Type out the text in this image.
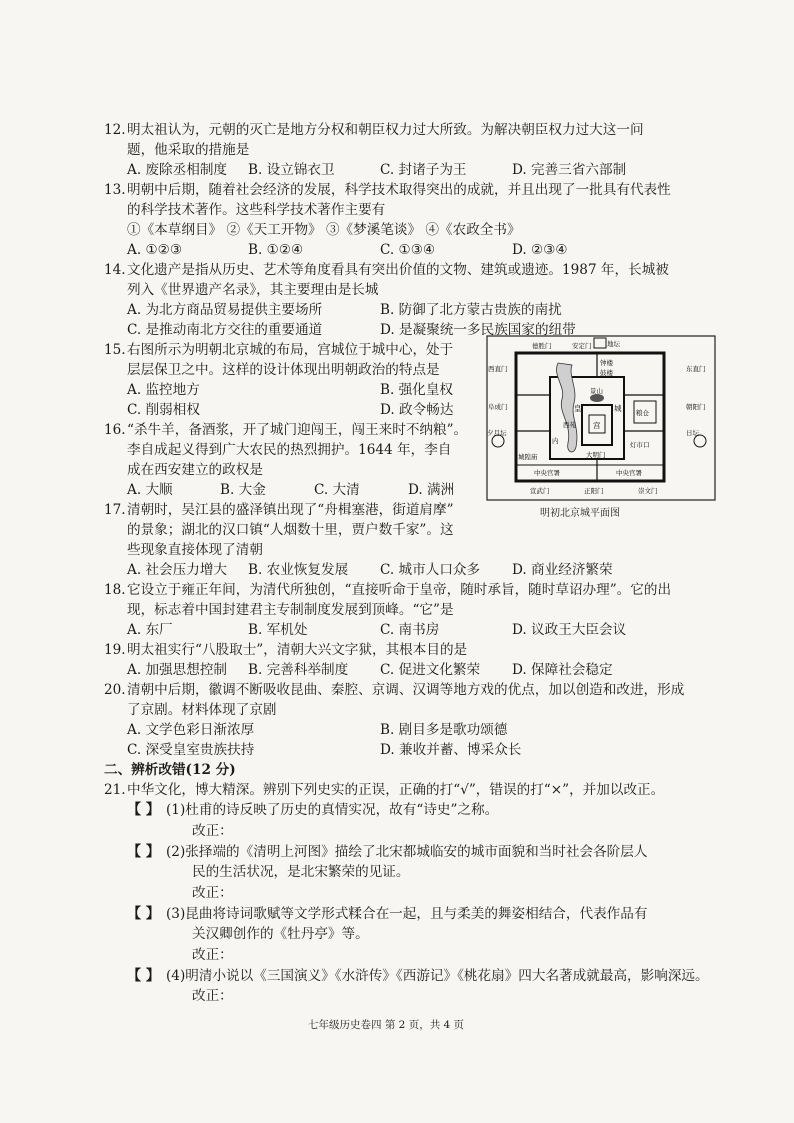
12. 明太祖认为，元朝的灭亡是地方分权和朝臣权力过大所致。为解决朝臣权力过大这一问
题，他采取的措施是
A. 废除丞相制度 B. 设立锦衣卫	C. 封诸子为王	D. 完善三省六部制
13. 明朝中后期，随着社会经济的发展，科学技术取得突出的成就，并且出现了一批具有代表性
的科学技术著作。这些科学技术著作主要有
①《本草纲目》 ②《天工开物》 ③《梦溪笔谈》 ④《农政全书》
A. ①②③	B. ①②④	C. ①③④	D. ②③④
14. 文化遗产是指从历史、艺术等角度看具有突出价值的文物、建筑或遗迹。1987 年，长城被
列入《世界遗产名录》，其主要理由是长城
A. 为北方商品贸易提供主要场所	B. 防御了北方蒙古贵族的南扰
C. 是推动南北方交往的重要通道	D. 是凝聚统一多民族国家的纽带
15. 右图所示为明朝北京城的布局，宫城位于城中心，处于
层层保卫之中。这样的设计体现出明朝政治的特点是
A. 监控地方	B. 强化皇权
C. 削弱相权	D. 政令畅达
16. “杀牛羊，备酒浆，开了城门迎闯王，闯王来时不纳粮”。
李自成起义得到广大农民的热烈拥护。1644 年，李自
成在西安建立的政权是
A. 大顺	B. 大金	C. 大清	D. 满洲
17. 清朝时，吴江县的盛泽镇出现了“舟楫塞港，街道肩摩”
的景象；湖北的汉口镇“人烟数十里，贾户数千家”。这
些现象直接体现了清朝
A. 社会压力增大 B. 农业恢复发展 C. 城市人口众多 D. 商业经济繁荣
德胜门	安定门 地坛
西直门	东直门
钟楼
鼓楼
阜成门	朝阳门
夕月坛	日坛
景山
皇	城
宫
西苑
内
粮仓
城隍庙
灯市口
中央官署	中央官署
大明门
宣武门	正阳门	崇文门
明初北京城平面图
18. 它设立于雍正年间，为清代所独创，“直接听命于皇帝，随时承旨，随时草诏办理”。它的出
现，标志着中国封建君主专制制度发展到顶峰。“它”是
A. 东厂	B. 军机处	C. 南书房	D. 议政王大臣会议
19. 明太祖实行“八股取士”，清朝大兴文字狱，其根本目的是
A. 加强思想控制 B. 完善科举制度 C. 促进文化繁荣 D. 保障社会稳定
20. 清朝中后期，徽调不断吸收昆曲、秦腔、京调、汉调等地方戏的优点，加以创造和改进，形成
了京剧。材料体现了京剧
A. 文学色彩日渐浓厚	B. 剧目多是歌功颂德
C. 深受皇室贵族扶持	D. 兼收并蓄、博采众长
二、辨析改错(12 分)
21. 中华文化，博大精深。辨别下列史实的正误，正确的打“√”，错误的打“×”，并加以改正。
【 】 (1)杜甫的诗反映了历史的真情实况，故有“诗史”之称。
改正：
【 】 (2)张择端的《清明上河图》描绘了北宋都城临安的城市面貌和当时社会各阶层人
民的生活状况，是北宋繁荣的见证。
改正：
【 】 (3)昆曲将诗词歌赋等文学形式糅合在一起，且与柔美的舞姿相结合，代表作品有
关汉卿创作的《牡丹亭》等。
改正：
【 】 (4)明清小说以《三国演义》《水浒传》《西游记》《桃花扇》四大名著成就最高，影响深远。
改正：
七年级历史卷四 第 2 页，共 4 页
